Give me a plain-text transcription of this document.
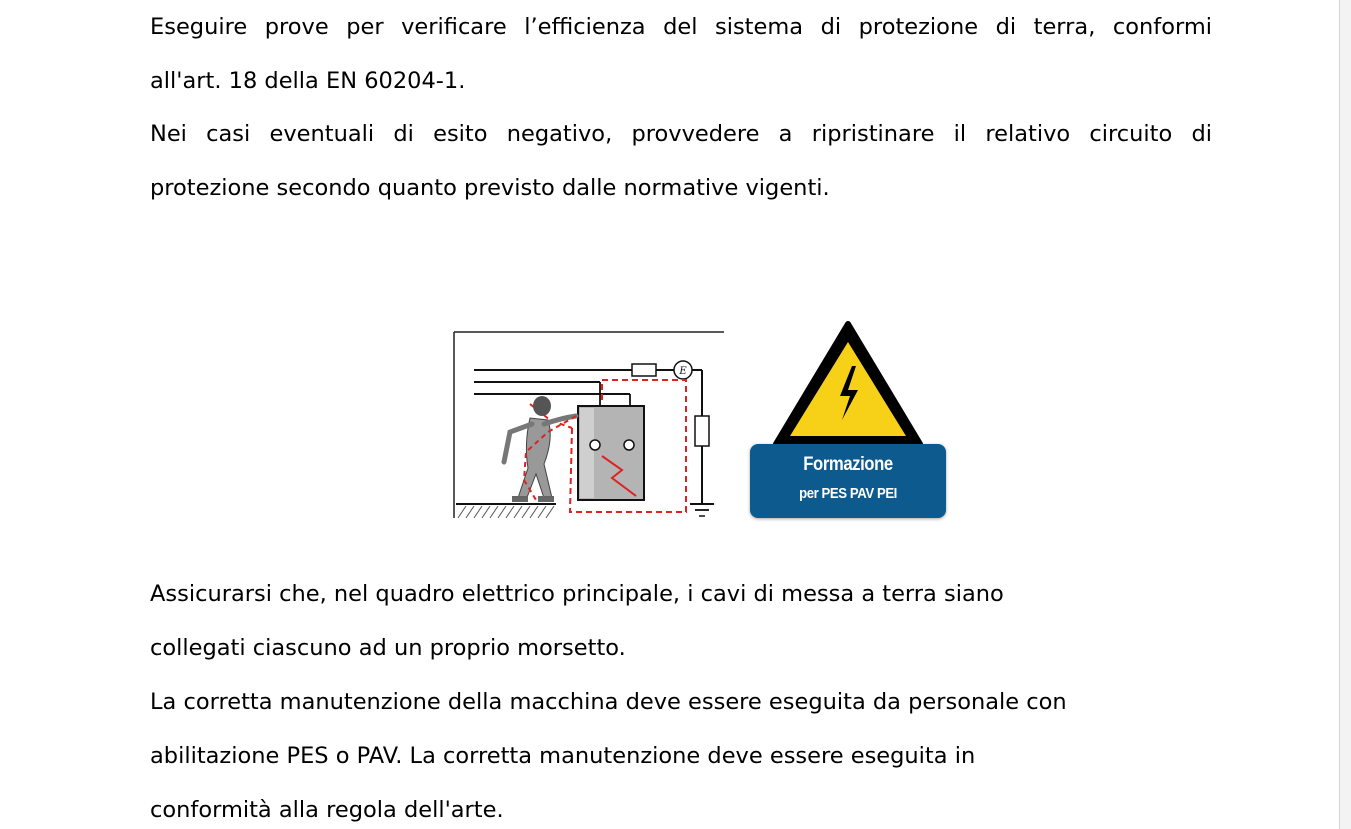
Eseguire prove per verificare l’efficienza del sistema di protezione di terra, conformi

all'art. 18 della EN 60204-1.

Nei casi eventuali di esito negativo, provvedere a ripristinare il relativo circuito di

protezione secondo quanto previsto dalle normative vigenti.

E
Formazione
per PES PAV PEI

Assicurarsi che, nel quadro elettrico principale, i cavi di messa a terra siano

collegati ciascuno ad un proprio morsetto.

La corretta manutenzione della macchina deve essere eseguita da personale con

abilitazione PES o PAV. La corretta manutenzione deve essere eseguita in

conformità alla regola dell'arte.
